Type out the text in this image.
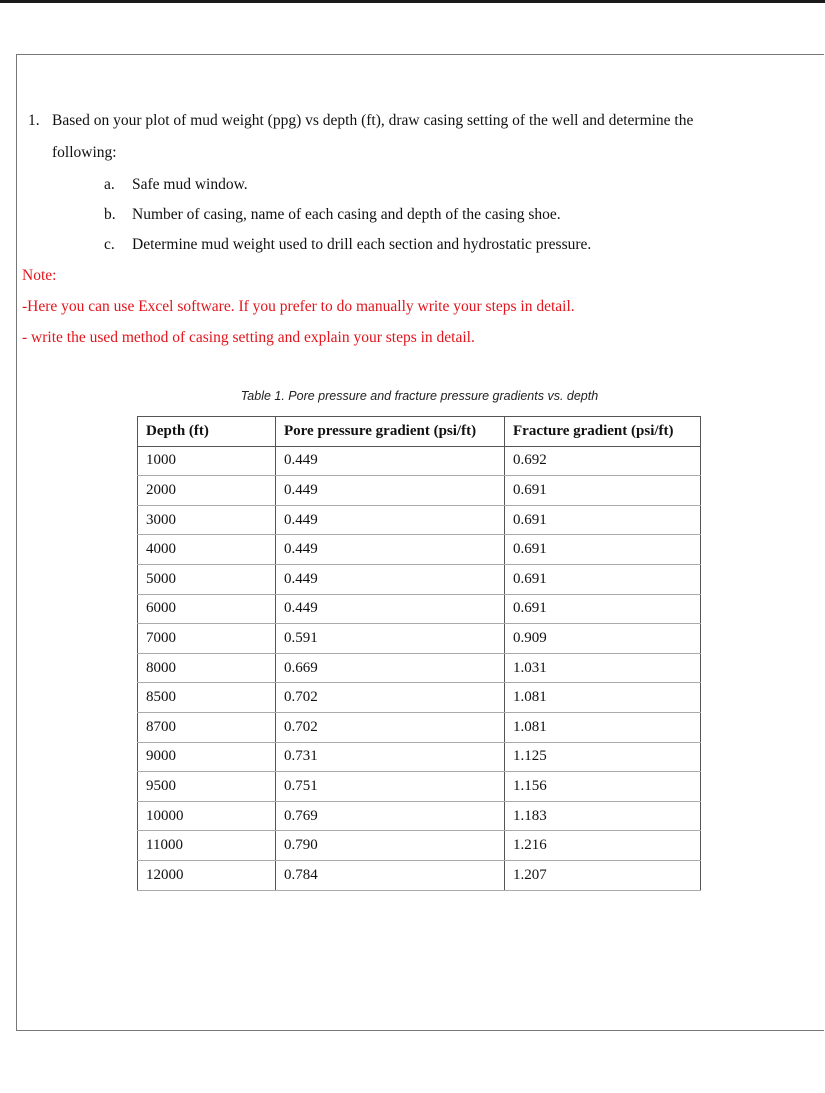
1. Based on your plot of mud weight (ppg) vs depth (ft), draw casing setting of the well and determine the
following:
a. Safe mud window.
b. Number of casing, name of each casing and depth of the casing shoe.
c. Determine mud weight used to drill each section and hydrostatic pressure.
Note:
-Here you can use Excel software. If you prefer to do manually write your steps in detail.
- write the used method of casing setting and explain your steps in detail.
Table 1. Pore pressure and fracture pressure gradients vs. depth
Depth (ft)	Pore pressure gradient (psi/ft)	Fracture gradient (psi/ft)
1000	0.449	0.692
2000	0.449	0.691
3000	0.449	0.691
4000	0.449	0.691
5000	0.449	0.691
6000	0.449	0.691
7000	0.591	0.909
8000	0.669	1.031
8500	0.702	1.081
8700	0.702	1.081
9000	0.731	1.125
9500	0.751	1.156
10000	0.769	1.183
11000	0.790	1.216
12000	0.784	1.207
